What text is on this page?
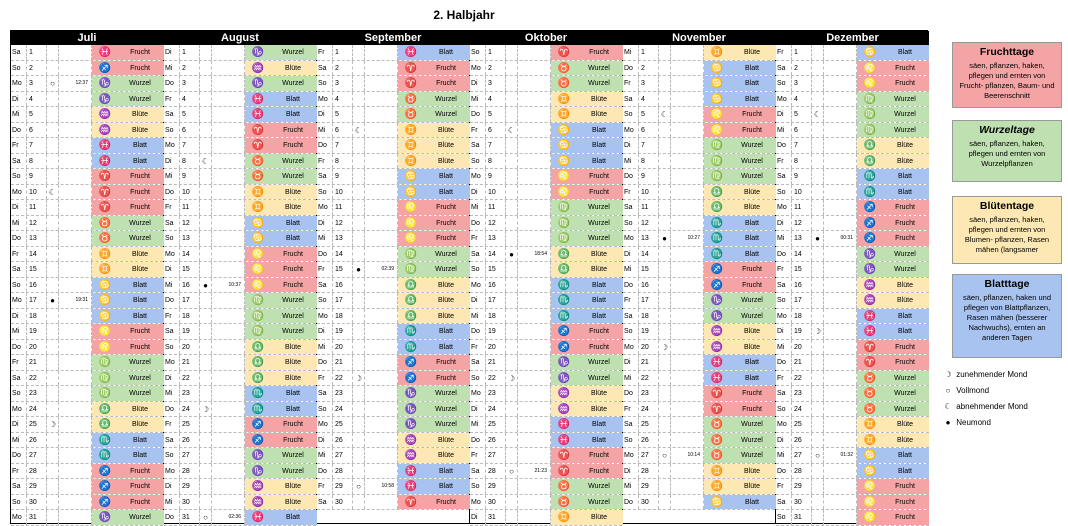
2. Halbjahr
Juli
Sa	1	♓	Frucht
So	2	♐	Frucht
Mo	3	○	12:37	♑	Wurzel
Di	4	♑	Wurzel
Mi	5	♒	Blüte
Do	6	♒	Blüte
Fr	7	♓	Blatt
Sa	8	♓	Blatt
So	9	♈	Frucht
Mo	10	☾	♈	Frucht
Di	11	♈	Frucht
Mi	12	♉	Wurzel
Do	13	♉	Wurzel
Fr	14	♊	Blüte
Sa	15	♊	Blüte
So	16	♋	Blatt
Mo	17	●	19:31	♋	Blatt
Di	18	♋	Blatt
Mi	19	♌	Frucht
Do	20	♌	Frucht
Fr	21	♍	Wurzel
Sa	22	♍	Wurzel
So	23	♍	Wurzel
Mo	24	♎	Blüte
Di	25	☽	♎	Blüte
Mi	26	♏	Blatt
Do	27	♏	Blatt
Fr	28	♐	Frucht
Sa	29	♐	Frucht
So	30	♐	Frucht
Mo	31	♑	Wurzel
August
Di	1	♑	Wurzel
Mi	2	♒	Blüte
Do	3	♑	Wurzel
Fr	4	♓	Blatt
Sa	5	♓	Blatt
So	6	♈	Frucht
Mo	7	♈	Frucht
Di	8	☾	♉	Wurzel
Mi	9	♉	Wurzel
Do	10	♊	Blüte
Fr	11	♊	Blüte
Sa	12	♋	Blatt
So	13	♋	Blatt
Mo	14	♌	Frucht
Di	15	♌	Frucht
Mi	16	●	10:37	♌	Frucht
Do	17	♍	Wurzel
Fr	18	♍	Wurzel
Sa	19	♍	Wurzel
So	20	♎	Blüte
Mo	21	♎	Blüte
Di	22	♎	Blüte
Mi	23	♏	Blatt
Do	24	☽	♏	Blatt
Fr	25	♐	Frucht
Sa	26	♐	Frucht
So	27	♑	Wurzel
Mo	28	♑	Wurzel
Di	29	♒	Blüte
Mi	30	♒	Blüte
Do	31	○	02:36	♓	Blatt
September
Fr	1	♓	Blatt
Sa	2	♈	Frucht
So	3	♈	Frucht
Mo	4	♉	Wurzel
Di	5	♉	Wurzel
Mi	6	☾	♊	Blüte
Do	7	♊	Blüte
Fr	8	♊	Blüte
Sa	9	♋	Blatt
So	10	♋	Blatt
Mo	11	♌	Frucht
Di	12	♌	Frucht
Mi	13	♌	Frucht
Do	14	♍	Wurzel
Fr	15	●	02:39	♍	Wurzel
Sa	16	♎	Blüte
So	17	♎	Blüte
Mo	18	♎	Blüte
Di	19	♏	Blatt
Mi	20	♏	Blatt
Do	21	♐	Frucht
Fr	22	☽	♐	Frucht
Sa	23	♑	Wurzel
So	24	♑	Wurzel
Mo	25	♑	Wurzel
Di	26	♒	Blüte
Mi	27	♒	Blüte
Do	28	♓	Blatt
Fr	29	○	10:58	♓	Blatt
Sa	30	♈	Frucht
Oktober
So	1	♈	Frucht
Mo	2	♉	Wurzel
Di	3	♉	Wurzel
Mi	4	♊	Blüte
Do	5	♊	Blüte
Fr	6	☾	♋	Blatt
Sa	7	♋	Blatt
So	8	♋	Blatt
Mo	9	♌	Frucht
Di	10	♌	Frucht
Mi	11	♍	Wurzel
Do	12	♍	Wurzel
Fr	13	♍	Wurzel
Sa	14	●	18:54	♎	Blüte
So	15	♎	Blüte
Mo	16	♏	Blatt
Di	17	♏	Blatt
Mi	18	♏	Blatt
Do	19	♐	Frucht
Fr	20	♐	Frucht
Sa	21	♑	Wurzel
So	22	☽	♑	Wurzel
Mo	23	♒	Blüte
Di	24	♒	Blüte
Mi	25	♓	Blatt
Do	26	♓	Blatt
Fr	27	♈	Frucht
Sa	28	○	21:23	♈	Frucht
So	29	♉	Wurzel
Mo	30	♉	Wurzel
Di	31	♊	Blüte
November
Mi	1	♊	Blüte
Do	2	♋	Blatt
Fr	3	♋	Blatt
Sa	4	♋	Blatt
So	5	☾	♌	Frucht
Mo	6	♌	Frucht
Di	7	♍	Wurzel
Mi	8	♍	Wurzel
Do	9	♍	Wurzel
Fr	10	♎	Blüte
Sa	11	♎	Blüte
So	12	♏	Blatt
Mo	13	●	10:27	♏	Blatt
Di	14	♏	Blatt
Mi	15	♐	Frucht
Do	16	♐	Frucht
Fr	17	♑	Wurzel
Sa	18	♑	Wurzel
So	19	♒	Blüte
Mo	20	☽	♒	Blüte
Di	21	♓	Blatt
Mi	22	♓	Blatt
Do	23	♈	Frucht
Fr	24	♈	Frucht
Sa	25	♉	Wurzel
So	26	♉	Wurzel
Mo	27	○	10:14	♉	Wurzel
Di	28	♊	Blüte
Mi	29	♊	Blüte
Do	30	♋	Blatt
Dezember
Fr	1	♋	Blatt
Sa	2	♌	Frucht
So	3	♌	Frucht
Mo	4	♍	Wurzel
Di	5	☾	♍	Wurzel
Mi	6	♍	Wurzel
Do	7	♎	Blüte
Fr	8	♎	Blüte
Sa	9	♏	Blatt
So	10	♏	Blatt
Mo	11	♐	Frucht
Di	12	♐	Frucht
Mi	13	●	00:31	♐	Frucht
Do	14	♑	Wurzel
Fr	15	♑	Wurzel
Sa	16	♒	Blüte
So	17	♒	Blüte
Mo	18	♓	Blatt
Di	19	☽	♓	Blatt
Mi	20	♈	Frucht
Do	21	♈	Frucht
Fr	22	♉	Wurzel
Sa	23	♉	Wurzel
So	24	♉	Wurzel
Mo	25	♊	Blüte
Di	26	♊	Blüte
Mi	27	○	01:32	♋	Blatt
Do	28	♋	Blatt
Fr	29	♌	Frucht
Sa	30	♌	Frucht
So	31	♌	Frucht
Fruchttage
säen, pflanzen, haken, pflegen und ernten von Frucht- pflanzen, Baum- und Beerenschnitt
Wurzeltage
säen, pflanzen, haken, pflegen und ernten von Wurzelpflanzen
Blütentage
säen, pflanzen, haken, pflegen und ernten von Blumen- pflanzen, Rasen mähen (langsamer
Blatttage
säen, pflanzen, haken und pflegen von Blattpflanzen, Rasen mähen (besserer Nachwuchs), ernten an anderen Tagen
☽ zunehmender Mond
○ Vollmond
☾ abnehmender Mond
● Neumond
